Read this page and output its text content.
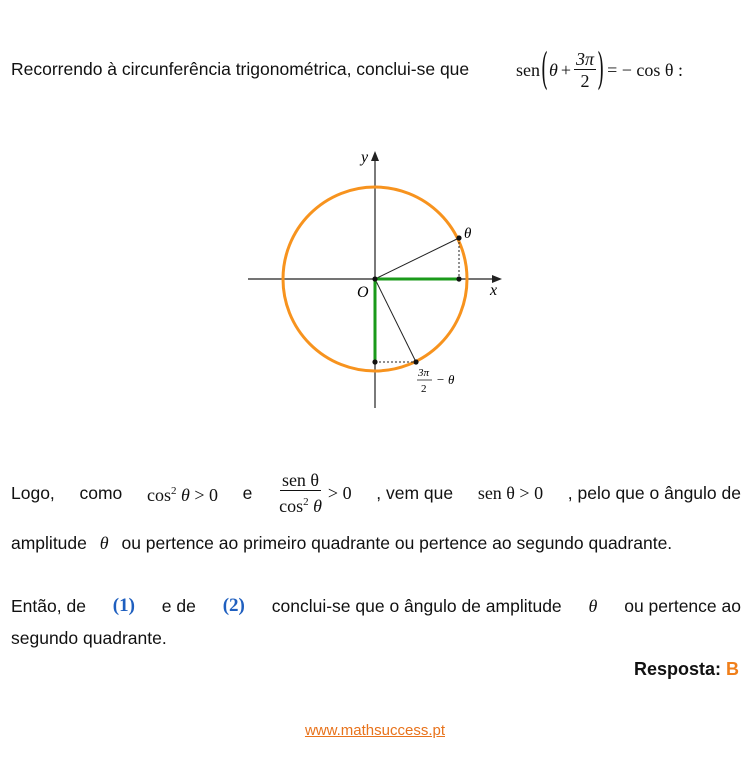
Recorrendo à circunferência trigonométrica, conclui-se que	sen ( $\theta + \frac{3\pi}{2}$ ) = − cos θ :
y
x
O
θ
3π
2
− θ
Logo, como $\cos^2 \theta > 0$ e $\frac{\text{sen θ}}{\cos^2 \theta} > 0$ , vem que sen θ > 0 , pelo que o ângulo de
amplitude θ ou pertence ao primeiro quadrante ou pertence ao segundo quadrante.
Então, de (1) e de (2) conclui-se que o ângulo de amplitude θ ou pertence ao
segundo quadrante.
Resposta: B
www.mathsuccess.pt
